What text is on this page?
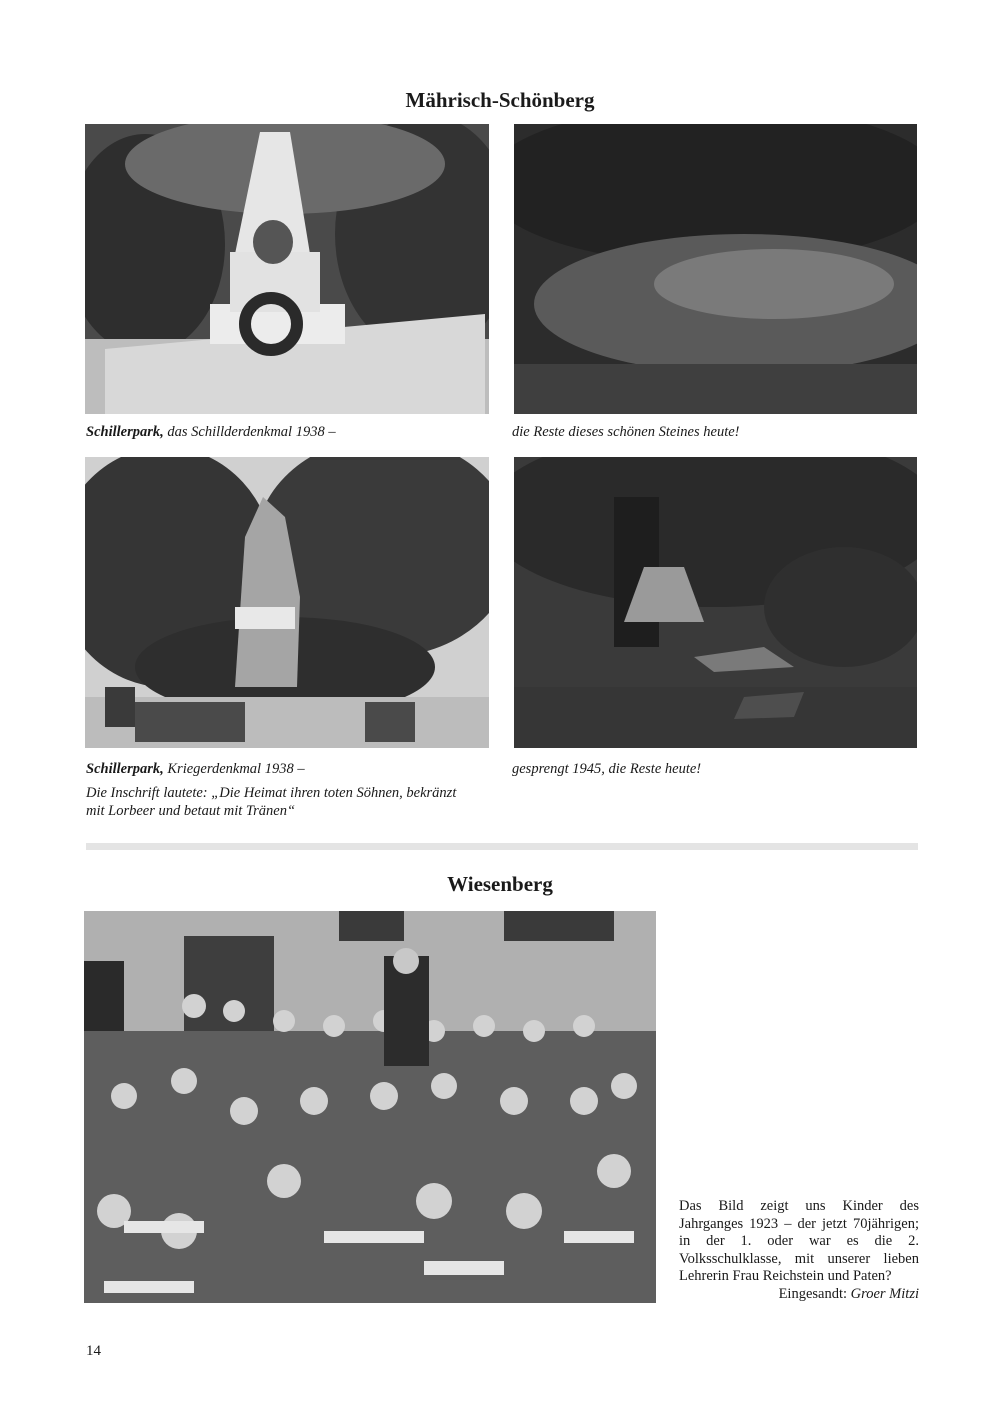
Mährisch-Schönberg
Schillerpark, das Schillderdenkmal 1938 –	die Reste dieses schönen Steines heute!
Schillerpark, Kriegerdenkmal 1938 –
Die Inschrift lautete: „Die Heimat ihren toten Söhnen, bekränzt
mit Lorbeer und betaut mit Tränen“
gesprengt 1945, die Reste heute!
Wiesenberg

Das Bild zeigt uns Kinder des Jahrganges 1923 – der jetzt 70jährigen; in der 1. oder war es die 2. Volksschulklasse, mit unserer lieben Lehrerin Frau Reichstein und Paten?

Eingesandt: Groer Mitzi

14
